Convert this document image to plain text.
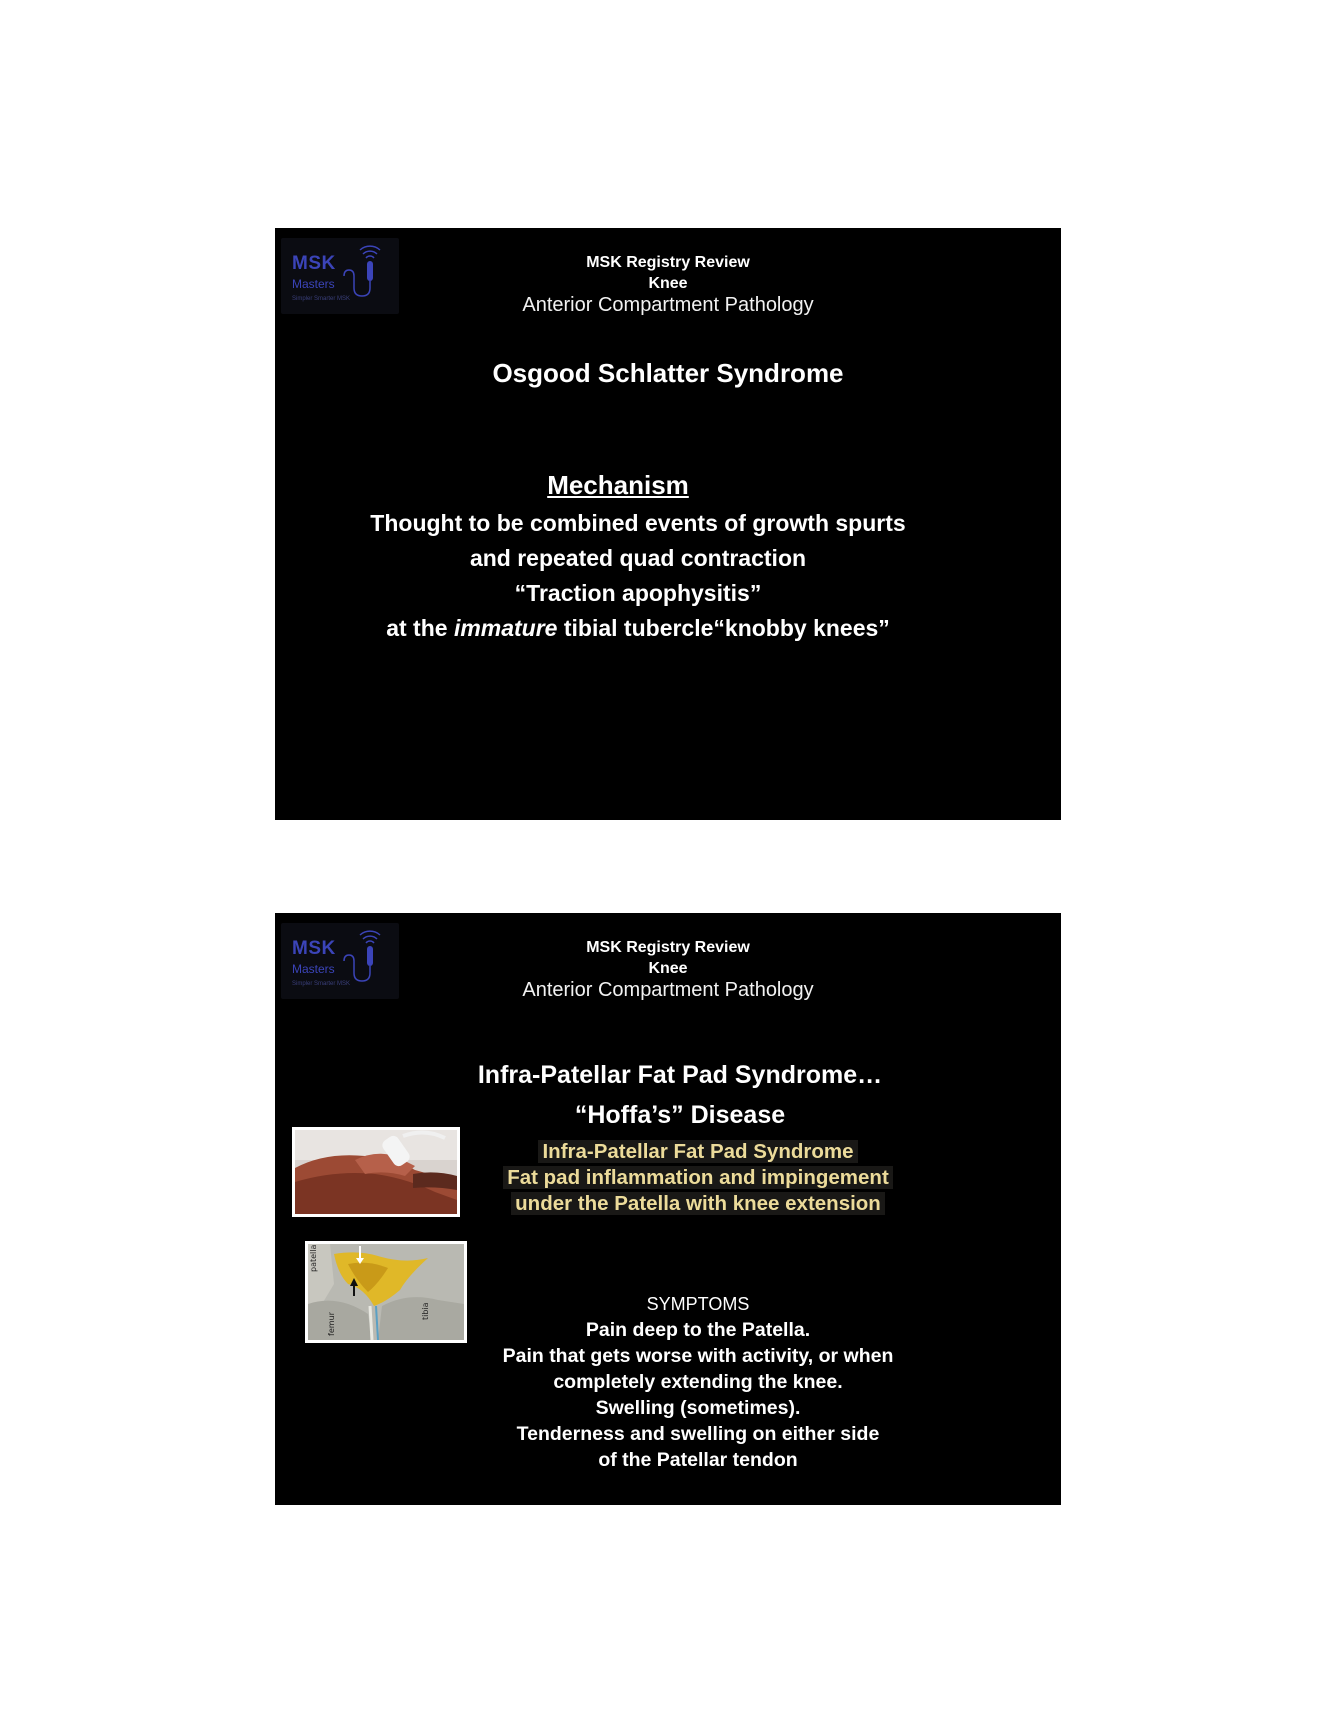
MSK
Masters
Simpler Smarter MSK
MSK Registry Review
Knee
Anterior Compartment Pathology
Osgood Schlatter Syndrome
Mechanism
Thought to be combined events of growth spurts
and repeated quad contraction
“Traction apophysitis”
at the immature tibial tubercle“knobby knees”
MSK
Masters
Simpler Smarter MSK
MSK Registry Review
Knee
Anterior Compartment Pathology
Infra-Patellar Fat Pad Syndrome…
“Hoffa’s” Disease
patella
femur
tibia
Infra-Patellar Fat Pad Syndrome
Fat pad inflammation and impingement
under the Patella with knee extension
SYMPTOMS
Pain deep to the Patella.
Pain that gets worse with activity, or when
completely extending the knee.
Swelling (sometimes).
Tenderness and swelling on either side
of the Patellar tendon
